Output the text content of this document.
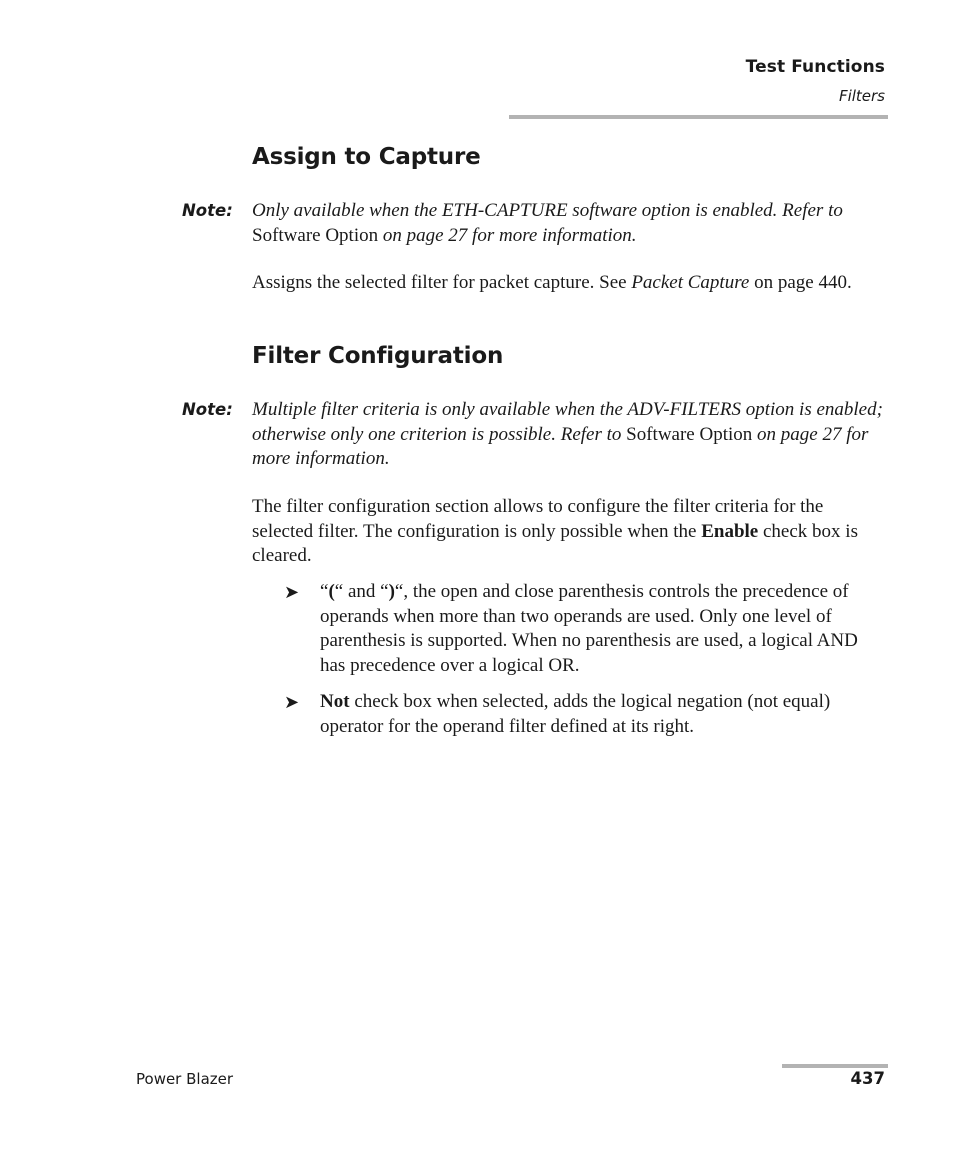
Test Functions
Filters
Assign to Capture
Note: Only available when the ETH-CAPTURE software option is enabled. Refer to Software Option on page 27 for more information.

Assigns the selected filter for packet capture. See Packet Capture on page 440.

Filter Configuration
Note: Multiple filter criteria is only available when the ADV-FILTERS option is enabled; otherwise only one criterion is possible. Refer to Software Option on page 27 for more information.

The filter configuration section allows to configure the filter criteria for the selected filter. The configuration is only possible when the Enable check box is cleared.

➤ “(“ and “)“, the open and close parenthesis controls the precedence of operands when more than two operands are used. Only one level of parenthesis is supported. When no parenthesis are used, a logical AND has precedence over a logical OR.

➤ Not check box when selected, adds the logical negation (not equal) operator for the operand filter defined at its right.

Power Blazer	437
